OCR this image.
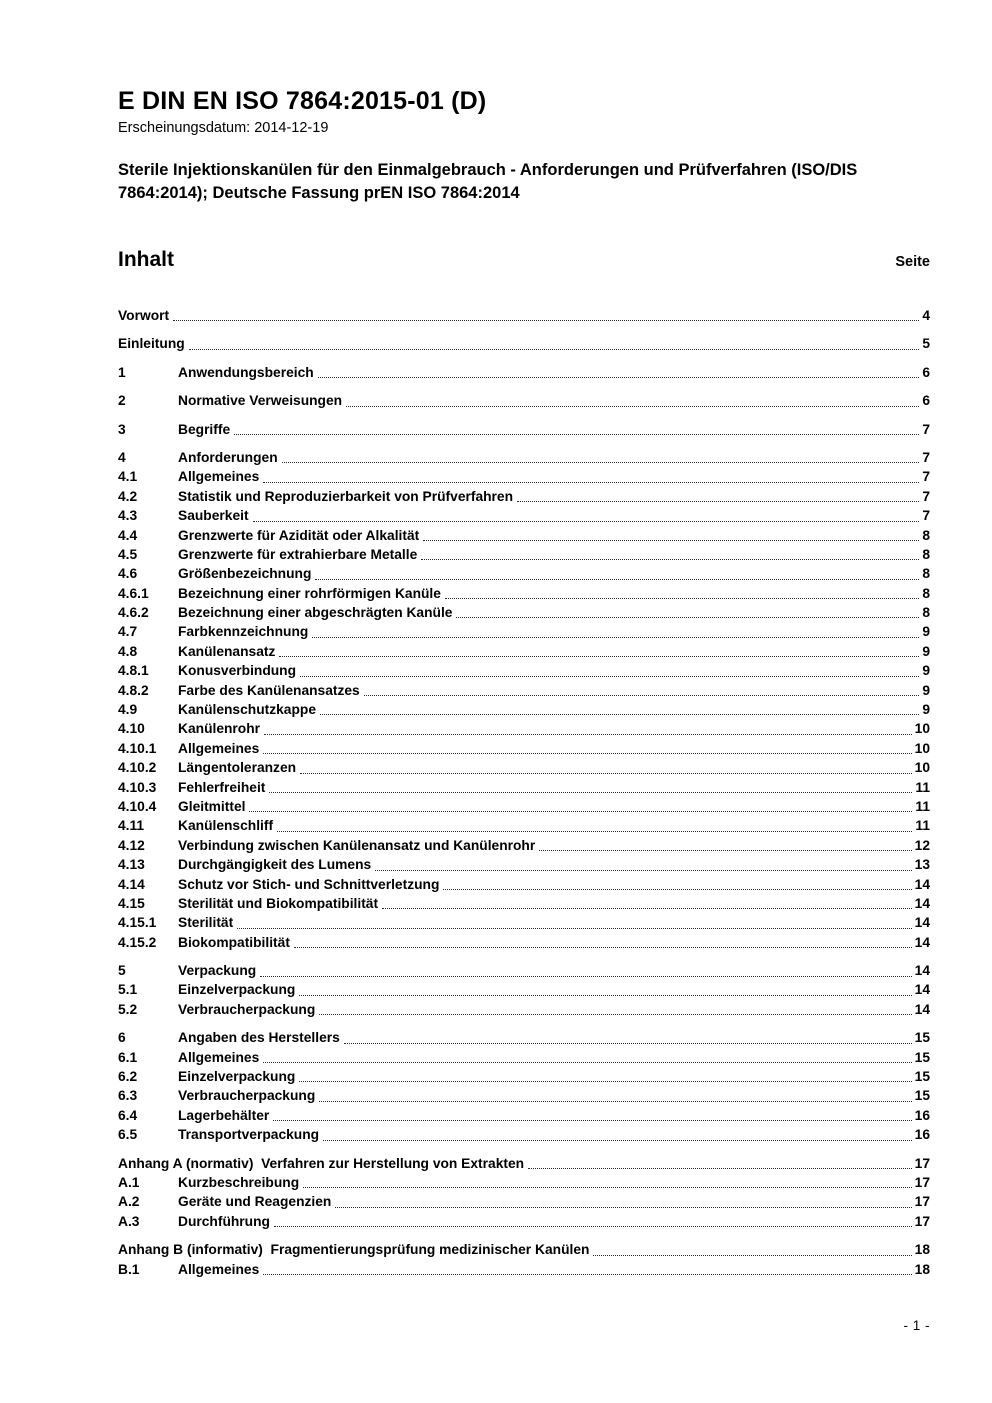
E DIN EN ISO 7864:2015-01 (D)
Erscheinungsdatum: 2014-12-19
Sterile Injektionskanülen für den Einmalgebrauch - Anforderungen und Prüfverfahren (ISO/DIS 7864:2014); Deutsche Fassung prEN ISO 7864:2014
Inhalt	Seite
Vorwort	4
Einleitung	5
1	Anwendungsbereich	6
2	Normative Verweisungen	6
3	Begriffe	7
4	Anforderungen	7
4.1	Allgemeines	7
4.2	Statistik und Reproduzierbarkeit von Prüfverfahren	7
4.3	Sauberkeit	7
4.4	Grenzwerte für Azidität oder Alkalität	8
4.5	Grenzwerte für extrahierbare Metalle	8
4.6	Größenbezeichnung	8
4.6.1	Bezeichnung einer rohrförmigen Kanüle	8
4.6.2	Bezeichnung einer abgeschrägten Kanüle	8
4.7	Farbkennzeichnung	9
4.8	Kanülenansatz	9
4.8.1	Konusverbindung	9
4.8.2	Farbe des Kanülenansatzes	9
4.9	Kanülenschutzkappe	9
4.10	Kanülenrohr	10
4.10.1	Allgemeines	10
4.10.2	Längentoleranzen	10
4.10.3	Fehlerfreiheit	11
4.10.4	Gleitmittel	11
4.11	Kanülenschliff	11
4.12	Verbindung zwischen Kanülenansatz und Kanülenrohr	12
4.13	Durchgängigkeit des Lumens	13
4.14	Schutz vor Stich- und Schnittverletzung	14
4.15	Sterilität und Biokompatibilität	14
4.15.1	Sterilität	14
4.15.2	Biokompatibilität	14
5	Verpackung	14
5.1	Einzelverpackung	14
5.2	Verbraucherpackung	14
6	Angaben des Herstellers	15
6.1	Allgemeines	15
6.2	Einzelverpackung	15
6.3	Verbraucherpackung	15
6.4	Lagerbehälter	16
6.5	Transportverpackung	16
Anhang A (normativ)  Verfahren zur Herstellung von Extrakten	17
A.1	Kurzbeschreibung	17
A.2	Geräte und Reagenzien	17
A.3	Durchführung	17
Anhang B (informativ)  Fragmentierungsprüfung medizinischer Kanülen	18
B.1	Allgemeines	18
- 1 -
